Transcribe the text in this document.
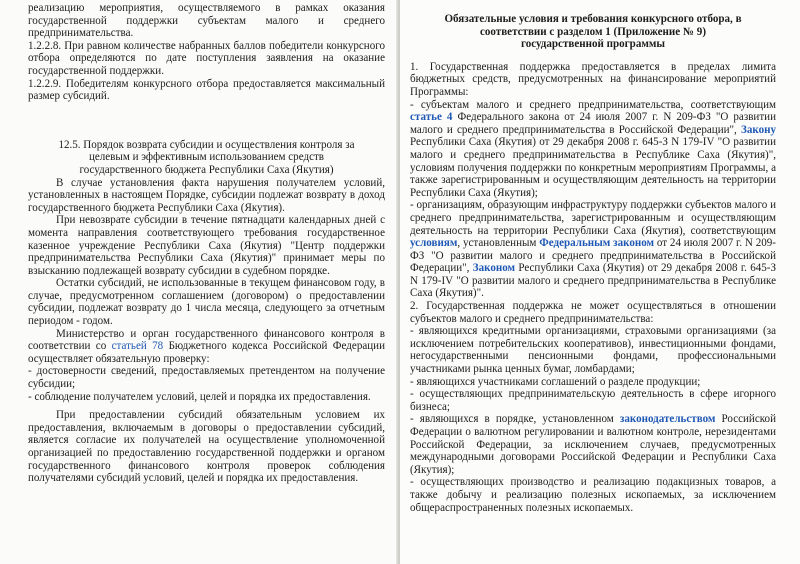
реализацию мероприятия, осуществляемого в рамках оказания государственной поддержки субъектам малого и среднего предпринимательства.

1.2.2.8. При равном количестве набранных баллов победители конкурсного отбора определяются по дате поступления заявления на оказание государственной поддержки.

1.2.2.9. Победителям конкурсного отбора предоставляется максимальный размер субсидий.

12.5. Порядок возврата субсидии и осуществления контроля за целевым и эффективным использованием средств государственного бюджета Республики Саха (Якутия)

В случае установления факта нарушения получателем условий, установленных в настоящем Порядке, субсидии подлежат возврату в доход государственного бюджета Республики Саха (Якутия).

При невозврате субсидии в течение пятнадцати календарных дней с момента направления соответствующего требования государственное казенное учреждение Республики Саха (Якутия) "Центр поддержки предпринимательства Республики Саха (Якутия)" принимает меры по взысканию подлежащей возврату субсидии в судебном порядке.

Остатки субсидий, не использованные в текущем финансовом году, в случае, предусмотренном соглашением (договором) о предоставлении субсидии, подлежат возврату до 1 числа месяца, следующего за отчетным периодом - годом.

Министерство и орган государственного финансового контроля в соответствии со статьей 78 Бюджетного кодекса Российской Федерации осуществляет обязательную проверку:

- достоверности сведений, предоставляемых претендентом на получение субсидии;

- соблюдение получателем условий, целей и порядка их предоставления.

При предоставлении субсидий обязательным условием их предоставления, включаемым в договоры о предоставлении субсидий, является согласие их получателей на осуществление уполномоченной организацией по предоставлению государственной поддержки и органом государственного финансового контроля проверок соблюдения получателями субсидий условий, целей и порядка их предоставления.

Обязательные условия и требования конкурсного отбора, в соответствии с разделом 1 (Приложение № 9) государственной программы

1. Государственная поддержка предоставляется в пределах лимита бюджетных средств, предусмотренных на финансирование мероприятий Программы:

- субъектам малого и среднего предпринимательства, соответствующим статье 4 Федерального закона от 24 июля 2007 г. N 209-ФЗ "О развитии малого и среднего предпринимательства в Российской Федерации", Закону Республики Саха (Якутия) от 29 декабря 2008 г. 645-З N 179-IV "О развитии малого и среднего предпринимательства в Республике Саха (Якутия)", условиям получения поддержки по конкретным мероприятиям Программы, а также зарегистрированным и осуществляющим деятельность на территории Республики Саха (Якутия);

- организациям, образующим инфраструктуру поддержки субъектов малого и среднего предпринимательства, зарегистрированным и осуществляющим деятельность на территории Республики Саха (Якутия), соответствующим условиям, установленным Федеральным законом от 24 июля 2007 г. N 209-ФЗ "О развитии малого и среднего предпринимательства в Российской Федерации", Законом Республики Саха (Якутия) от 29 декабря 2008 г. 645-З N 179-IV "О развитии малого и среднего предпринимательства в Республике Саха (Якутия)".

2. Государственная поддержка не может осуществляться в отношении субъектов малого и среднего предпринимательства:

- являющихся кредитными организациями, страховыми организациями (за исключением потребительских кооперативов), инвестиционными фондами, негосударственными пенсионными фондами, профессиональными участниками рынка ценных бумаг, ломбардами;

- являющихся участниками соглашений о разделе продукции;

- осуществляющих предпринимательскую деятельность в сфере игорного бизнеса;

- являющихся в порядке, установленном законодательством Российской Федерации о валютном регулировании и валютном контроле, нерезидентами Российской Федерации, за исключением случаев, предусмотренных международными договорами Российской Федерации и Республики Саха (Якутия);

- осуществляющих производство и реализацию подакцизных товаров, а также добычу и реализацию полезных ископаемых, за исключением общераспространенных полезных ископаемых.
